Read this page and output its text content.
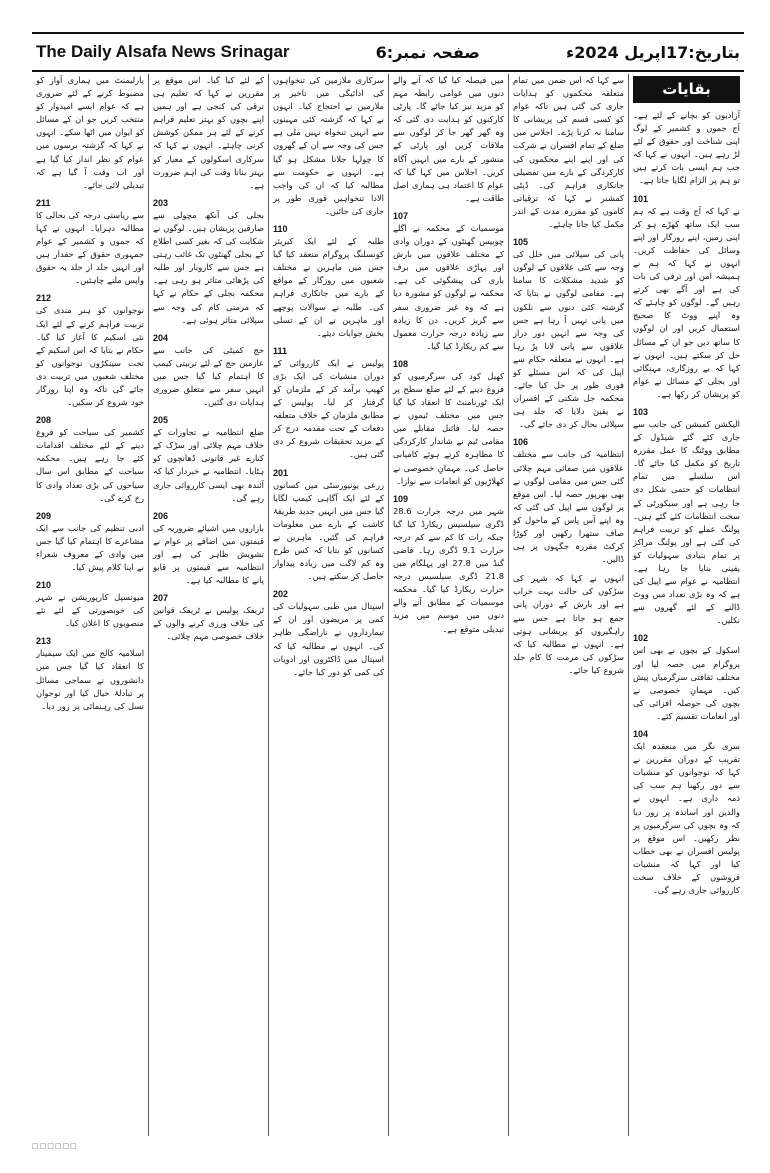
The Daily Alsafa News Srinagar	صفحہ نمبر:6	بتاریخ:17اپریل 2024ء
بقایات

آزادیوں کو بچانے کے لئے ہے۔ آج جموں و کشمیر کے لوگ اپنی شناخت اور حقوق کے لئے لڑ رہے ہیں۔ انہوں نے کہا کہ جب ہم ایسی بات کرتے ہیں تو ہم پر الزام لگایا جاتا ہے۔

101

نے کہا کہ آج وقت ہے کہ ہم سب ایک ساتھ کھڑے ہو کر اپنی زمین، اپنے روزگار اور اپنے وسائل کی حفاظت کریں۔ انہوں نے کہا کہ ہم نے ہمیشہ امن اور ترقی کی بات کی ہے اور آگے بھی کرتے رہیں گے۔ لوگوں کو چاہئے کہ وہ اپنے ووٹ کا صحیح استعمال کریں اور ان لوگوں کا ساتھ دیں جو ان کے مسائل حل کر سکتے ہیں۔ انہوں نے کہا کہ بے روزگاری، مہنگائی اور بجلی کے مسائل نے عوام کو پریشان کر رکھا ہے۔

103

الیکشن کمیشن کی جانب سے جاری کئے گئے شیڈول کے مطابق ووٹنگ کا عمل مقررہ تاریخ کو مکمل کیا جائے گا۔ اس سلسلے میں تمام انتظامات کو حتمی شکل دی جا رہی ہے اور سیکورٹی کے سخت انتظامات کئے گئے ہیں۔ پولنگ عملے کو تربیت فراہم کی گئی ہے اور پولنگ مراکز پر تمام بنیادی سہولیات کو یقینی بنایا جا رہا ہے۔ انتظامیہ نے عوام سے اپیل کی ہے کہ وہ بڑی تعداد میں ووٹ ڈالنے کے لئے گھروں سے نکلیں۔

102

اسکول کے بچوں نے بھی اس پروگرام میں حصہ لیا اور مختلف ثقافتی سرگرمیاں پیش کیں۔ مہمانِ خصوصی نے بچوں کی حوصلہ افزائی کی اور انعامات تقسیم کئے۔

104

سری نگر میں منعقدہ ایک تقریب کے دوران مقررین نے کہا کہ نوجوانوں کو منشیات سے دور رکھنا ہم سب کی ذمہ داری ہے۔ انہوں نے والدین اور اساتذہ پر زور دیا کہ وہ بچوں کی سرگرمیوں پر نظر رکھیں۔ اس موقع پر پولیس افسران نے بھی خطاب کیا اور کہا کہ منشیات فروشوں کے خلاف سخت کارروائی جاری رہے گی۔

سے کہا کہ اس ضمن میں تمام متعلقہ محکموں کو ہدایات جاری کی گئی ہیں تاکہ عوام کو کسی قسم کی پریشانی کا سامنا نہ کرنا پڑے۔ اجلاس میں ضلع کے تمام افسران نے شرکت کی اور اپنے اپنے محکموں کی کارکردگی کے بارے میں تفصیلی جانکاری فراہم کی۔ ڈپٹی کمشنر نے کہا کہ ترقیاتی کاموں کو مقررہ مدت کے اندر مکمل کیا جانا چاہئے۔

105

پانی کی سپلائی میں خلل کی وجہ سے کئی علاقوں کے لوگوں کو شدید مشکلات کا سامنا ہے۔ مقامی لوگوں نے بتایا کہ گزشتہ کئی دنوں سے نلکوں میں پانی نہیں آ رہا ہے جس کی وجہ سے انہیں دور دراز علاقوں سے پانی لانا پڑ رہا ہے۔ انہوں نے متعلقہ حکام سے اپیل کی کہ اس مسئلے کو فوری طور پر حل کیا جائے۔ محکمہ جل شکتی کے افسران نے یقین دلایا کہ جلد ہی سپلائی بحال کر دی جائے گی۔

106

انتظامیہ کی جانب سے مختلف علاقوں میں صفائی مہم چلائی گئی جس میں مقامی لوگوں نے بھی بھرپور حصہ لیا۔ اس موقع پر لوگوں سے اپیل کی گئی کہ وہ اپنے آس پاس کے ماحول کو صاف ستھرا رکھیں اور کوڑا کرکٹ مقررہ جگہوں پر ہی ڈالیں۔

انہوں نے کہا کہ شہر کی سڑکوں کی حالت بہت خراب ہے اور بارش کے دوران پانی جمع ہو جاتا ہے جس سے راہگیروں کو پریشانی ہوتی ہے۔ انہوں نے مطالبہ کیا کہ سڑکوں کی مرمت کا کام جلد شروع کیا جائے۔

میں فیصلہ کیا گیا کہ آنے والے دنوں میں عوامی رابطہ مہم کو مزید تیز کیا جائے گا۔ پارٹی کارکنوں کو ہدایت دی گئی کہ وہ گھر گھر جا کر لوگوں سے ملاقات کریں اور پارٹی کے منشور کے بارے میں انہیں آگاہ کریں۔ اجلاس میں کہا گیا کہ عوام کا اعتماد ہی ہماری اصل طاقت ہے۔

107

موسمیات کے محکمہ نے اگلے چوبیس گھنٹوں کے دوران وادی کے مختلف علاقوں میں بارش اور پہاڑی علاقوں میں برف باری کی پیشگوئی کی ہے۔ محکمہ نے لوگوں کو مشورہ دیا ہے کہ وہ غیر ضروری سفر سے گریز کریں۔ دن کا زیادہ سے زیادہ درجہ حرارت معمول سے کم ریکارڈ کیا گیا۔

108

کھیل کود کی سرگرمیوں کو فروغ دینے کے لئے ضلع سطح پر ایک ٹورنامنٹ کا انعقاد کیا گیا جس میں مختلف ٹیموں نے حصہ لیا۔ فائنل مقابلے میں مقامی ٹیم نے شاندار کارکردگی کا مظاہرہ کرتے ہوئے کامیابی حاصل کی۔ مہمانِ خصوصی نے کھلاڑیوں کو انعامات سے نوازا۔

109

شہر میں درجہ حرارت 28.6 ڈگری سیلسیس ریکارڈ کیا گیا جبکہ رات کا کم سے کم درجہ حرارت 9.1 ڈگری رہا۔ قاضی گنڈ میں 27.8 اور پہلگام میں 21.8 ڈگری سیلسیس درجہ حرارت ریکارڈ کیا گیا۔ محکمہ موسمیات کے مطابق آنے والے دنوں میں موسم میں مزید تبدیلی متوقع ہے۔

سرکاری ملازمین کی تنخواہوں کی ادائیگی میں تاخیر پر ملازمین نے احتجاج کیا۔ انہوں نے کہا کہ گزشتہ کئی مہینوں سے انہیں تنخواہ نہیں ملی ہے جس کی وجہ سے ان کے گھروں کا چولہا جلانا مشکل ہو گیا ہے۔ انہوں نے حکومت سے مطالبہ کیا کہ ان کی واجب الادا تنخواہیں فوری طور پر جاری کی جائیں۔

110

طلبہ کے لئے ایک کیریئر کونسلنگ پروگرام منعقد کیا گیا جس میں ماہرین نے مختلف شعبوں میں روزگار کے مواقع کے بارے میں جانکاری فراہم کی۔ طلبہ نے سوالات پوچھے اور ماہرین نے ان کے تسلی بخش جوابات دیئے۔

111

پولیس نے ایک کارروائی کے دوران منشیات کی ایک بڑی کھیپ برآمد کر کے ملزمان کو گرفتار کر لیا۔ پولیس کے مطابق ملزمان کے خلاف متعلقہ دفعات کے تحت مقدمہ درج کر کے مزید تحقیقات شروع کر دی گئی ہیں۔

201

زرعی یونیورسٹی میں کسانوں کے لئے ایک آگاہی کیمپ لگایا گیا جس میں انہیں جدید طریقۂ کاشت کے بارے میں معلومات فراہم کی گئیں۔ ماہرین نے کسانوں کو بتایا کہ کس طرح وہ کم لاگت میں زیادہ پیداوار حاصل کر سکتے ہیں۔

202

اسپتال میں طبی سہولیات کی کمی پر مریضوں اور ان کے تیمارداروں نے ناراضگی ظاہر کی۔ انہوں نے مطالبہ کیا کہ اسپتال میں ڈاکٹروں اور ادویات کی کمی کو دور کیا جائے۔

کے لئے کیا گیا۔ اس موقع پر مقررین نے کہا کہ تعلیم ہی ترقی کی کنجی ہے اور ہمیں اپنے بچوں کو بہتر تعلیم فراہم کرنے کے لئے ہر ممکن کوشش کرنی چاہئے۔ انہوں نے کہا کہ سرکاری اسکولوں کے معیار کو بہتر بنانا وقت کی اہم ضرورت ہے۔

203

بجلی کی آنکھ مچولی سے صارفین پریشان ہیں۔ لوگوں نے شکایت کی کہ بغیر کسی اطلاع کے بجلی گھنٹوں تک غائب رہتی ہے جس سے کاروبار اور طلبہ کی پڑھائی متاثر ہو رہی ہے۔ محکمہ بجلی کے حکام نے کہا کہ مرمتی کام کی وجہ سے سپلائی متاثر ہوئی ہے۔

204

حج کمیٹی کی جانب سے عازمین حج کے لئے تربیتی کیمپ کا اہتمام کیا گیا جس میں انہیں سفر سے متعلق ضروری ہدایات دی گئیں۔

205

ضلع انتظامیہ نے تجاوزات کے خلاف مہم چلائی اور سڑک کے کنارے غیر قانونی ڈھانچوں کو ہٹایا۔ انتظامیہ نے خبردار کیا کہ آئندہ بھی ایسی کارروائی جاری رہے گی۔

206

بازاروں میں اشیائے ضروریہ کی قیمتوں میں اضافے پر عوام نے تشویش ظاہر کی ہے اور انتظامیہ سے قیمتوں پر قابو پانے کا مطالبہ کیا ہے۔

207

ٹریفک پولیس نے ٹریفک قوانین کی خلاف ورزی کرنے والوں کے خلاف خصوصی مہم چلائی۔

پارلیمنٹ میں ہماری آواز کو مضبوط کرنے کے لئے ضروری ہے کہ عوام ایسے امیدوار کو منتخب کریں جو ان کے مسائل کو ایوان میں اٹھا سکے۔ انہوں نے کہا کہ گزشتہ برسوں میں عوام کو نظر انداز کیا گیا ہے اور اب وقت آ گیا ہے کہ تبدیلی لائی جائے۔

211

سے ریاستی درجہ کی بحالی کا مطالبہ دہرایا۔ انہوں نے کہا کہ جموں و کشمیر کے عوام جمہوری حقوق کے حقدار ہیں اور انہیں جلد از جلد یہ حقوق واپس ملنے چاہئیں۔

212

نوجوانوں کو ہنر مندی کی تربیت فراہم کرنے کے لئے ایک نئی اسکیم کا آغاز کیا گیا۔ حکام نے بتایا کہ اس اسکیم کے تحت سینکڑوں نوجوانوں کو مختلف شعبوں میں تربیت دی جائے گی تاکہ وہ اپنا روزگار خود شروع کر سکیں۔

208

کشمیر کی سیاحت کو فروغ دینے کے لئے مختلف اقدامات کئے جا رہے ہیں۔ محکمہ سیاحت کے مطابق اس سال سیاحوں کی بڑی تعداد وادی کا رخ کرے گی۔

209

ادبی تنظیم کی جانب سے ایک مشاعرے کا اہتمام کیا گیا جس میں وادی کے معروف شعراء نے اپنا کلام پیش کیا۔

210

میونسپل کارپوریشن نے شہر کی خوبصورتی کے لئے نئے منصوبوں کا اعلان کیا۔

213

اسلامیہ کالج میں ایک سیمینار کا انعقاد کیا گیا جس میں دانشوروں نے سماجی مسائل پر تبادلۂ خیال کیا اور نوجوان نسل کی رہنمائی پر زور دیا۔

□□□□□□
